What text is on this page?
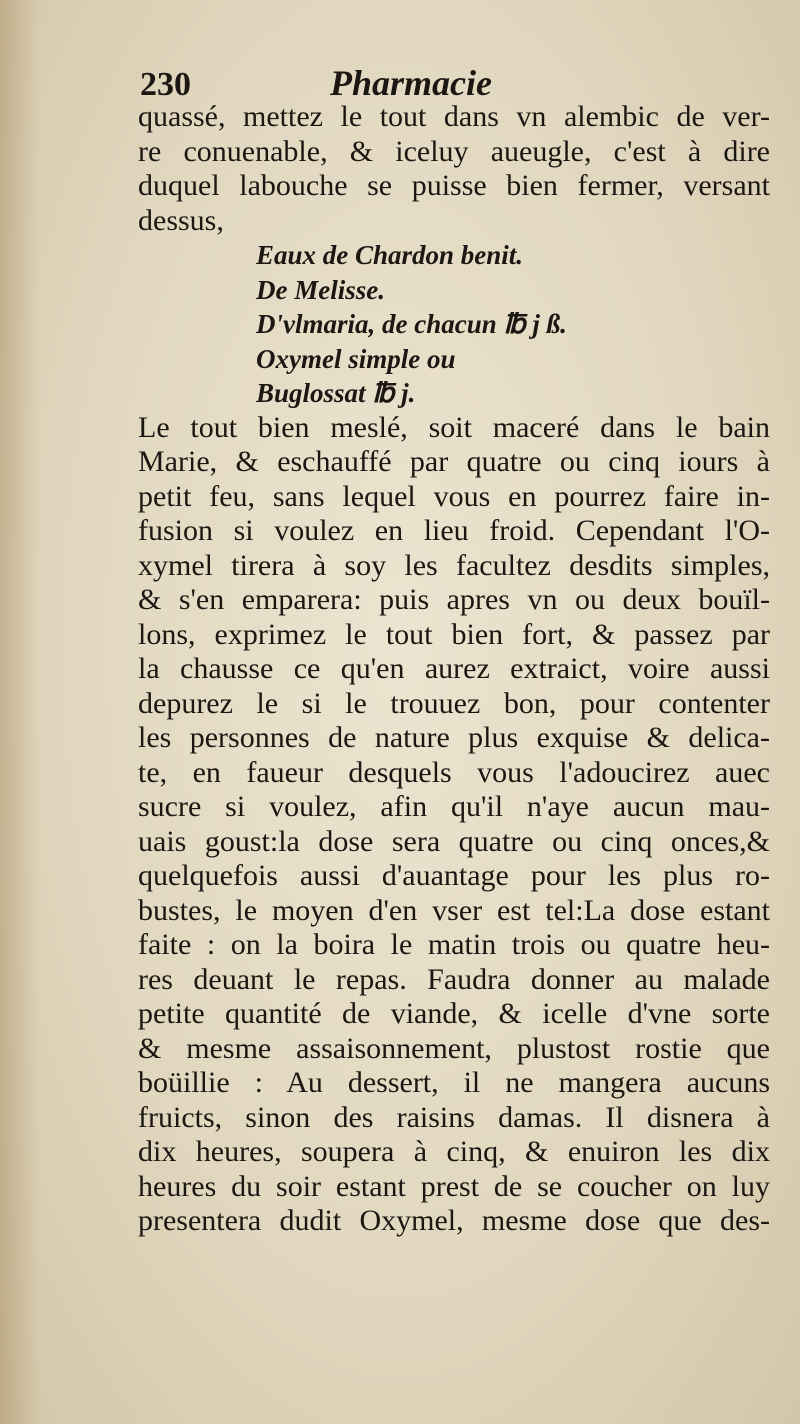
230	Pharmacie
quassé, mettez le tout dans vn alembic de ver-
re conuenable, & iceluy aueugle, c'est à dire
duquel labouche se puisse bien fermer, versant
dessus,
Eaux de Chardon benit.
De Melisse.
D'vlmaria, de chacun ℔ j ß.
Oxymel simple ou
Buglossat ℔ j.
Le tout bien meslé, soit maceré dans le bain
Marie, & eschauffé par quatre ou cinq iours à
petit feu, sans lequel vous en pourrez faire in-
fusion si voulez en lieu froid. Cependant l'O-
xymel tirera à soy les facultez desdits simples,
& s'en emparera: puis apres vn ou deux bouïl-
lons, exprimez le tout bien fort, & passez par
la chausse ce qu'en aurez extraict, voire aussi
depurez le si le trouuez bon, pour contenter
les personnes de nature plus exquise & delica-
te, en faueur desquels vous l'adoucirez auec
sucre si voulez, afin qu'il n'aye aucun mau-
uais goust:la dose sera quatre ou cinq onces,&
quelquefois aussi d'auantage pour les plus ro-
bustes, le moyen d'en vser est tel:La dose estant
faite : on la boira le matin trois ou quatre heu-
res deuant le repas. Faudra donner au malade
petite quantité de viande, & icelle d'vne sorte
& mesme assaisonnement, plustost rostie que
boüillie : Au dessert, il ne mangera aucuns
fruicts, sinon des raisins damas. Il disnera à
dix heures, soupera à cinq, & enuiron les dix
heures du soir estant prest de se coucher on luy
presentera dudit Oxymel, mesme dose que des-
